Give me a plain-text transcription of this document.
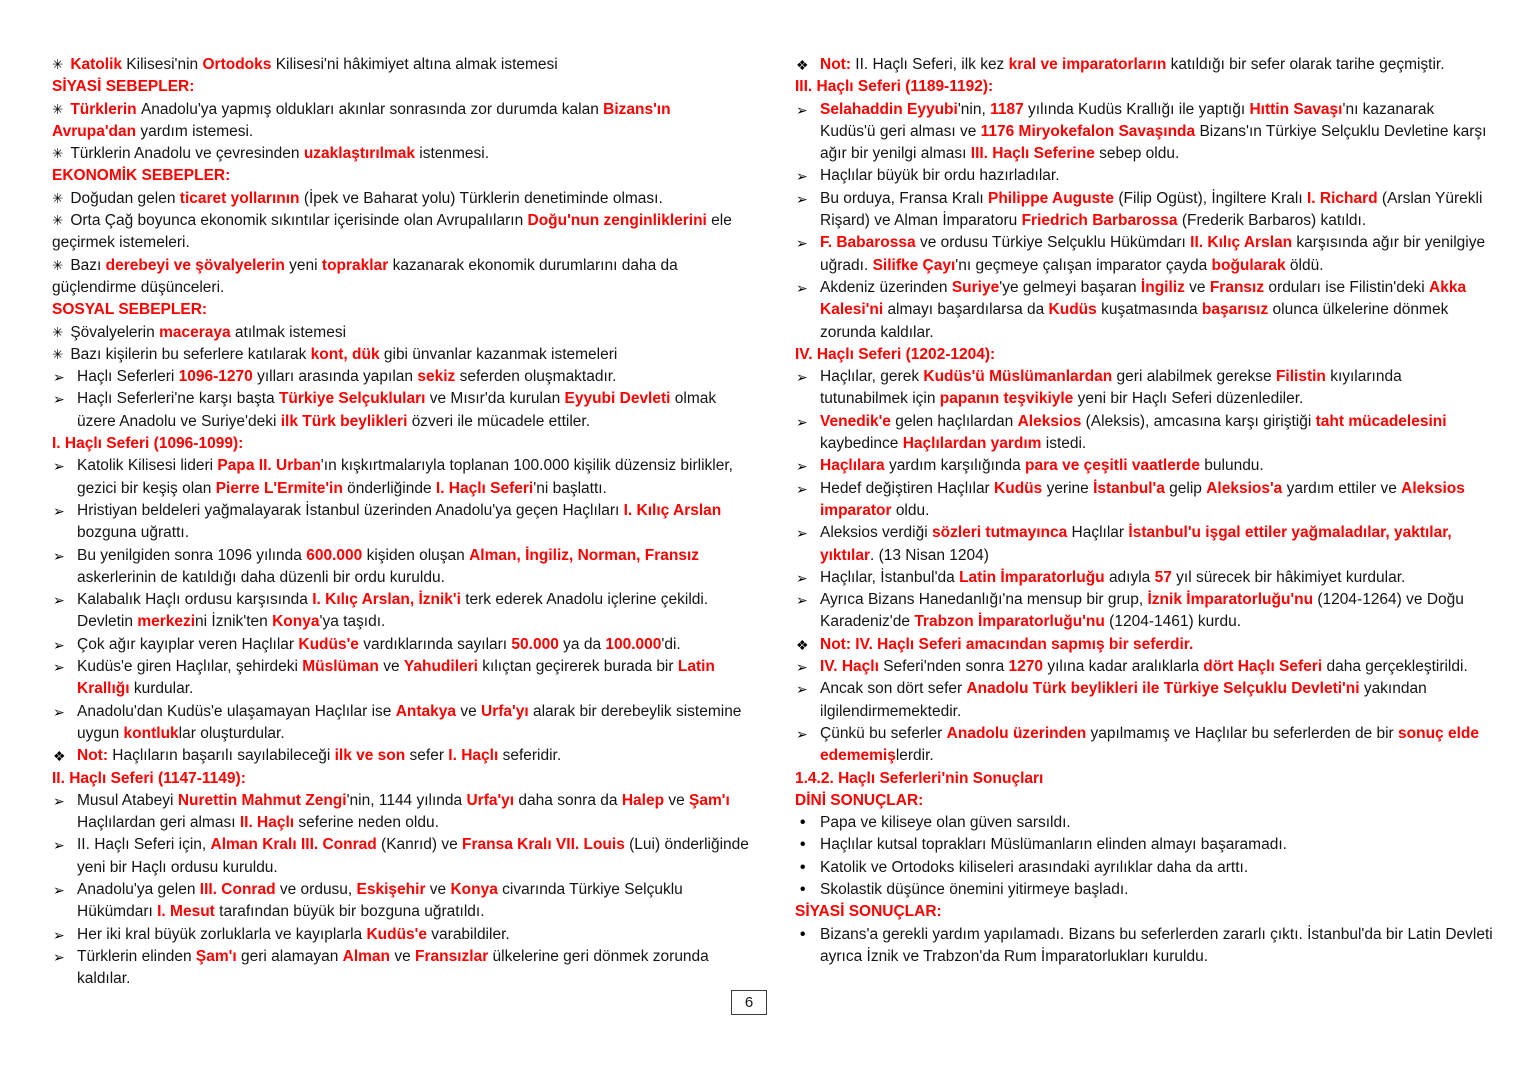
✳ Katolik Kilisesi'nin Ortodoks Kilisesi'ni hâkimiyet altına almak istemesi
SİYASİ SEBEPLER:
✳ Türklerin Anadolu'ya yapmış oldukları akınlar sonrasında zor durumda kalan Bizans'ın Avrupa'dan yardım istemesi.
✳ Türklerin Anadolu ve çevresinden uzaklaştırılmak istenmesi.
EKONOMİK SEBEPLER:
✳ Doğudan gelen ticaret yollarının (İpek ve Baharat yolu) Türklerin denetiminde olması.
✳ Orta Çağ boyunca ekonomik sıkıntılar içerisinde olan Avrupalıların Doğu'nun zenginliklerini ele geçirmek istemeleri.
✳ Bazı derebeyi ve şövalyelerin yeni topraklar kazanarak ekonomik durumlarını daha da güçlendirme düşünceleri.
SOSYAL SEBEPLER:
✳ Şövalyelerin maceraya atılmak istemesi
✳ Bazı kişilerin bu seferlere katılarak kont, dük gibi ünvanlar kazanmak istemeleri
➢ Haçlı Seferleri 1096-1270 yılları arasında yapılan sekiz seferden oluşmaktadır.
➢ Haçlı Seferleri'ne karşı başta Türkiye Selçukluları ve Mısır'da kurulan Eyyubi Devleti olmak üzere Anadolu ve Suriye'deki ilk Türk beylikleri özveri ile mücadele ettiler.
I. Haçlı Seferi (1096-1099):
➢ Katolik Kilisesi lideri Papa II. Urban'ın kışkırtmalarıyla toplanan 100.000 kişilik düzensiz birlikler, gezici bir keşiş olan Pierre L'Ermite'in önderliğinde I. Haçlı Seferi'ni başlattı.
➢ Hristiyan beldeleri yağmalayarak İstanbul üzerinden Anadolu'ya geçen Haçlıları I. Kılıç Arslan bozguna uğrattı.
➢ Bu yenilgiden sonra 1096 yılında 600.000 kişiden oluşan Alman, İngiliz, Norman, Fransız askerlerinin de katıldığı daha düzenli bir ordu kuruldu.
➢ Kalabalık Haçlı ordusu karşısında I. Kılıç Arslan, İznik'i terk ederek Anadolu içlerine çekildi. Devletin merkezini İznik'ten Konya'ya taşıdı.
➢ Çok ağır kayıplar veren Haçlılar Kudüs'e vardıklarında sayıları 50.000 ya da 100.000'di.
➢ Kudüs'e giren Haçlılar, şehirdeki Müslüman ve Yahudileri kılıçtan geçirerek burada bir Latin Krallığı kurdular.
➢ Anadolu'dan Kudüs'e ulaşamayan Haçlılar ise Antakya ve Urfa'yı alarak bir derebeylik sistemine uygun kontluklar oluşturdular.
❖ Not: Haçlıların başarılı sayılabileceği ilk ve son sefer I. Haçlı seferidir.
II. Haçlı Seferi (1147-1149):
➢ Musul Atabeyi Nurettin Mahmut Zengi'nin, 1144 yılında Urfa'yı daha sonra da Halep ve Şam'ı Haçlılardan geri alması II. Haçlı seferine neden oldu.
➢ II. Haçlı Seferi için, Alman Kralı III. Conrad (Kanrıd) ve Fransa Kralı VII. Louis (Lui) önderliğinde yeni bir Haçlı ordusu kuruldu.
➢ Anadolu'ya gelen III. Conrad ve ordusu, Eskişehir ve Konya civarında Türkiye Selçuklu Hükümdarı I. Mesut tarafından büyük bir bozguna uğratıldı.
➢ Her iki kral büyük zorluklarla ve kayıplarla Kudüs'e varabildiler.
➢ Türklerin elinden Şam'ı geri alamayan Alman ve Fransızlar ülkelerine geri dönmek zorunda kaldılar.
❖ Not: II. Haçlı Seferi, ilk kez kral ve imparatorların katıldığı bir sefer olarak tarihe geçmiştir.
III. Haçlı Seferi (1189-1192):
➢ Selahaddin Eyyubi'nin, 1187 yılında Kudüs Krallığı ile yaptığı Hıttin Savaşı'nı kazanarak Kudüs'ü geri alması ve 1176 Miryokefalon Savaşında Bizans'ın Türkiye Selçuklu Devletine karşı ağır bir yenilgi alması III. Haçlı Seferine sebep oldu.
➢ Haçlılar büyük bir ordu hazırladılar.
➢ Bu orduya, Fransa Kralı Philippe Auguste (Filip Ogüst), İngiltere Kralı I. Richard (Arslan Yürekli Rişard) ve Alman İmparatoru Friedrich Barbarossa (Frederik Barbaros) katıldı.
➢ F. Babarossa ve ordusu Türkiye Selçuklu Hükümdarı II. Kılıç Arslan karşısında ağır bir yenilgiye uğradı. Silifke Çayı'nı geçmeye çalışan imparator çayda boğularak öldü.
➢ Akdeniz üzerinden Suriye'ye gelmeyi başaran İngiliz ve Fransız orduları ise Filistin'deki Akka Kalesi'ni almayı başardılarsa da Kudüs kuşatmasında başarısız olunca ülkelerine dönmek zorunda kaldılar.
IV. Haçlı Seferi (1202-1204):
➢ Haçlılar, gerek Kudüs'ü Müslümanlardan geri alabilmek gerekse Filistin kıyılarında tutunabilmek için papanın teşvikiyle yeni bir Haçlı Seferi düzenlediler.
➢ Venedik'e gelen haçlılardan Aleksios (Aleksis), amcasına karşı giriştiği taht mücadelesini kaybedince Haçlılardan yardım istedi.
➢ Haçlılara yardım karşılığında para ve çeşitli vaatlerde bulundu.
➢ Hedef değiştiren Haçlılar Kudüs yerine İstanbul'a gelip Aleksios'a yardım ettiler ve Aleksios imparator oldu.
➢ Aleksios verdiği sözleri tutmayınca Haçlılar İstanbul'u işgal ettiler yağmaladılar, yaktılar, yıktılar. (13 Nisan 1204)
➢ Haçlılar, İstanbul'da Latin İmparatorluğu adıyla 57 yıl sürecek bir hâkimiyet kurdular.
➢ Ayrıca Bizans Hanedanlığı'na mensup bir grup, İznik İmparatorluğu'nu (1204-1264) ve Doğu Karadeniz'de Trabzon İmparatorluğu'nu (1204-1461) kurdu.
❖ Not: IV. Haçlı Seferi amacından sapmış bir seferdir.
➢ IV. Haçlı Seferi'nden sonra 1270 yılına kadar aralıklarla dört Haçlı Seferi daha gerçekleştirildi.
➢ Ancak son dört sefer Anadolu Türk beylikleri ile Türkiye Selçuklu Devleti'ni yakından ilgilendirmemektedir.
➢ Çünkü bu seferler Anadolu üzerinden yapılmamış ve Haçlılar bu seferlerden de bir sonuç elde edememişlerdir.
1.4.2. Haçlı Seferleri'nin Sonuçları
DİNİ SONUÇLAR:
• Papa ve kiliseye olan güven sarsıldı.
• Haçlılar kutsal toprakları Müslümanların elinden almayı başaramadı.
• Katolik ve Ortodoks kiliseleri arasındaki ayrılıklar daha da arttı.
• Skolastik düşünce önemini yitirmeye başladı.
SİYASİ SONUÇLAR:
• Bizans'a gerekli yardım yapılamadı. Bizans bu seferlerden zararlı çıktı. İstanbul'da bir Latin Devleti ayrıca İznik ve Trabzon'da Rum İmparatorlukları kuruldu.
6
